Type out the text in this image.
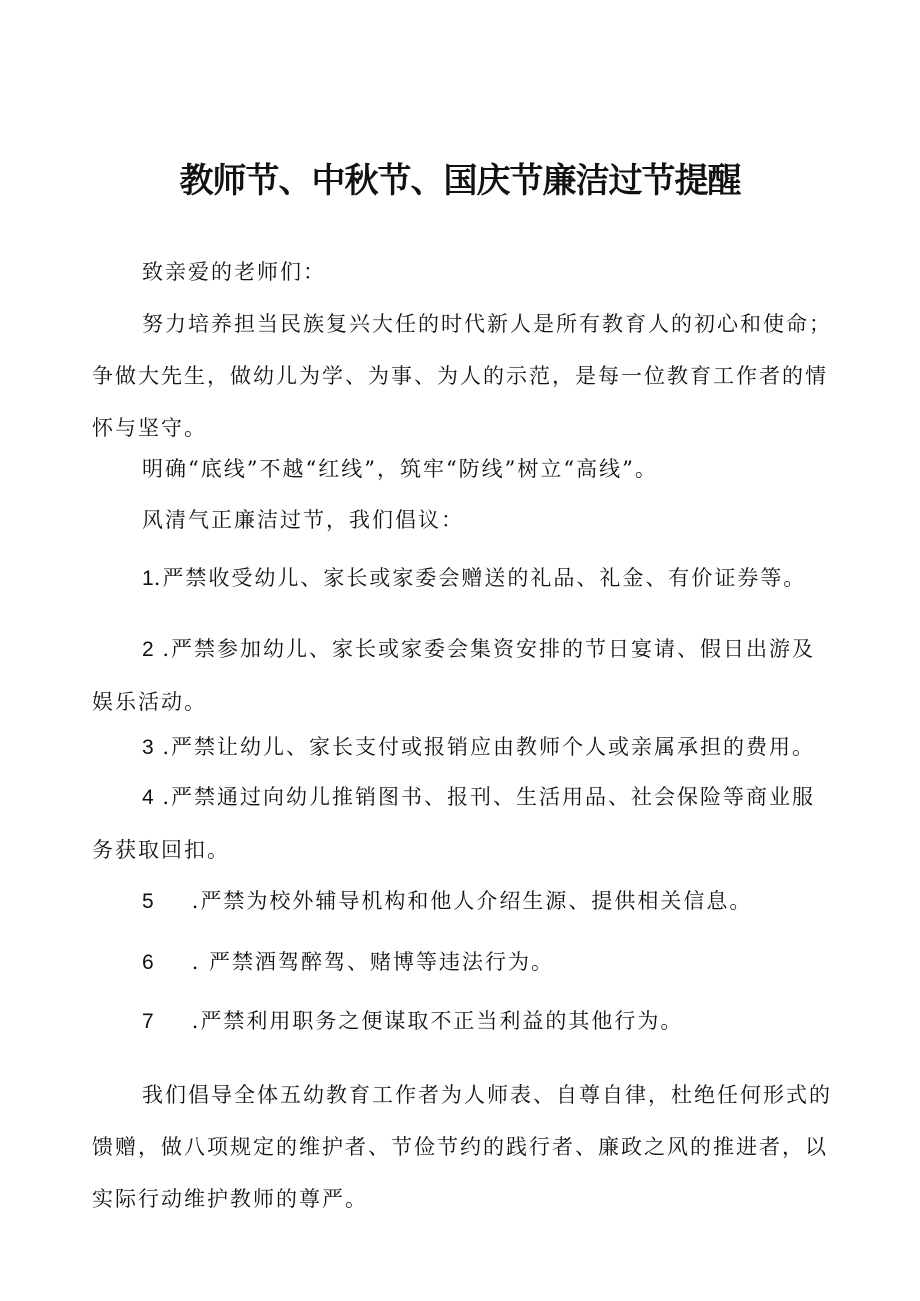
教师节、中秋节、国庆节廉洁过节提醒

致亲爱的老师们：

努力培养担当民族复兴大任的时代新人是所有教育人的初心和使命；争做大先生，做幼儿为学、为事、为人的示范，是每一位教育工作者的情怀与坚守。

明确“底线”不越“红线”，筑牢“防线”树立“高线”。

风清气正廉洁过节，我们倡议：

1.严禁收受幼儿、家长或家委会赠送的礼品、礼金、有价证券等。

2 .严禁参加幼儿、家长或家委会集资安排的节日宴请、假日出游及娱乐活动。

3 .严禁让幼儿、家长支付或报销应由教师个人或亲属承担的费用。

4 .严禁通过向幼儿推销图书、报刊、生活用品、社会保险等商业服务获取回扣。

5 .严禁为校外辅导机构和他人介绍生源、提供相关信息。
6 . 严禁酒驾醉驾、赌博等违法行为。
7 .严禁利用职务之便谋取不正当利益的其他行为。

我们倡导全体五幼教育工作者为人师表、自尊自律，杜绝任何形式的馈赠，做八项规定的维护者、节俭节约的践行者、廉政之风的推进者，以实际行动维护教师的尊严。
